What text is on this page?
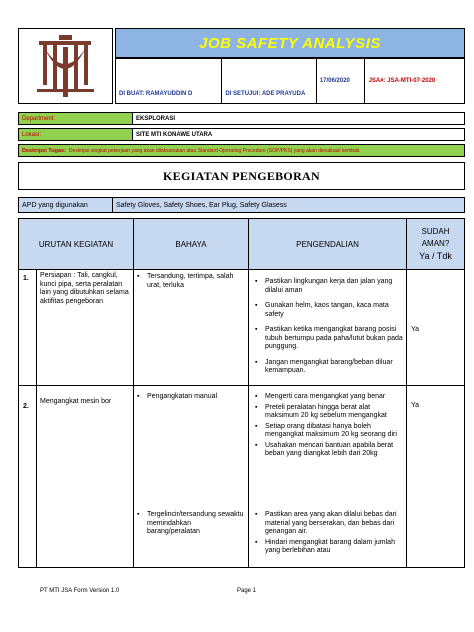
JOB SAFETY ANALYSIS
DI BUAT: RAMAYUDDIN D	DI SETUJUI: ADE PRAYUDA
17/06/2020	JSA#: JSA-MTI-07-2020
Department:	EKSPLORASI
Lokasi:	SITE MTI KONAWE UTARA
Deskripsi Tugas: Deskripsi singkat pekerjaan yang akan dilaksanakan atau Standard Operating Procedure (SOP/PKS) yang akan dievaluasi kembali.
KEGIATAN PENGEBORAN
APD yang digunakan	Safety Gloves, Safety Shoes, Ear Plug, Safety Glasess
URUTAN KEGIATAN	BAHAYA	PENGENDALIAN
SUDAH
AMAN?
Ya / Tdk
1. Persiapan : Tali, cangkul, kunci pipa, serta peralatan lain yang dibutuhkan selama aktifitas pengeboran
▪ Tersandung, tertimpa, salah urat, terluka
▪	Pastikan lingkungan kerja dan jalan yang dilalui aman
▪ Gunakan helm, kaos tangan, kaca mata safety
▪ Pastikan ketika mengangkat barang posisi tubuh bertumpu pada paha/lutut bukan pada punggung.
▪ Jangan mengangkat barang/beban diluar kemampuan.
Ya
2.
Mengangkat mesin bor
▪ Pengangkatan manual
▪ Tergelincir/tersandung sewaktu memindahkan barang/peralatan
▪ Mengerti cara mengangkat yang benar
▪ Preteli peralatan hingga berat alat maksimum 20 kg sebelum mengangkat
▪ Setiap orang dibatasi hanya boleh mengangkat maksimum 20 kg seorang diri
▪ Usahakan mencari bantuan apabila berat beban yang diangkat lebih dari 20kg
▪ Pastikan area yang akan dilalui bebas dari material yang berserakan, dan bebas dari genangan air.
▪ Hindari mengangkat barang dalam jumlah yang berlebihan atau
Ya
PT MTI JSA Form Version 1.0	Page 1
